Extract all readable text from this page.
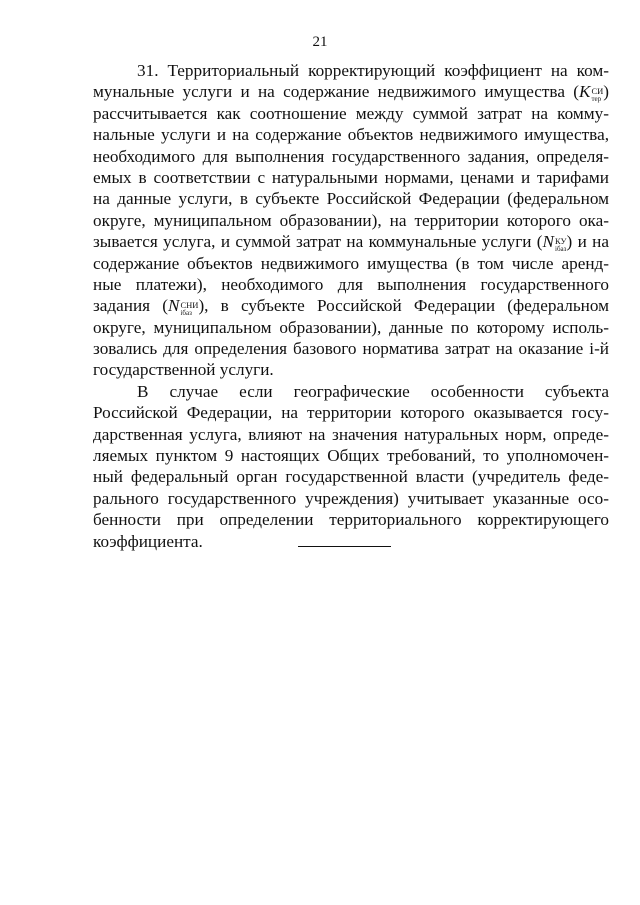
21
31. Территориальный корректирующий коэффициент на ком-
мунальные услуги и на содержание недвижимого имущества (K СИ
тер )
рассчитывается как соотношение между суммой затрат на комму-
нальные услуги и на содержание объектов недвижимого имущества,
необходимого для выполнения государственного задания, определя-
емых в соответствии с натуральными нормами, ценами и тарифами
на данные услуги, в субъекте Российской Федерации (федеральном
округе, муниципальном образовании), на территории которого ока-
зывается услуга, и суммой затрат на коммунальные услуги (N КУ
iбаз ) и на
содержание объектов недвижимого имущества (в том числе аренд-
ные платежи), необходимого для выполнения государственного
задания (N СНИ
iбаз ), в субъекте Российской Федерации (федеральном
округе, муниципальном образовании), данные по которому исполь-
зовались для определения базового норматива затрат на оказание i-й
государственной услуги.
В случае если географические особенности субъекта
Российской Федерации, на территории которого оказывается госу-
дарственная услуга, влияют на значения натуральных норм, опреде-
ляемых пунктом 9 настоящих Общих требований, то уполномочен-
ный федеральный орган государственной власти (учредитель феде-
рального государственного учреждения) учитывает указанные осо-
бенности при определении территориального корректирующего
коэффициента.
